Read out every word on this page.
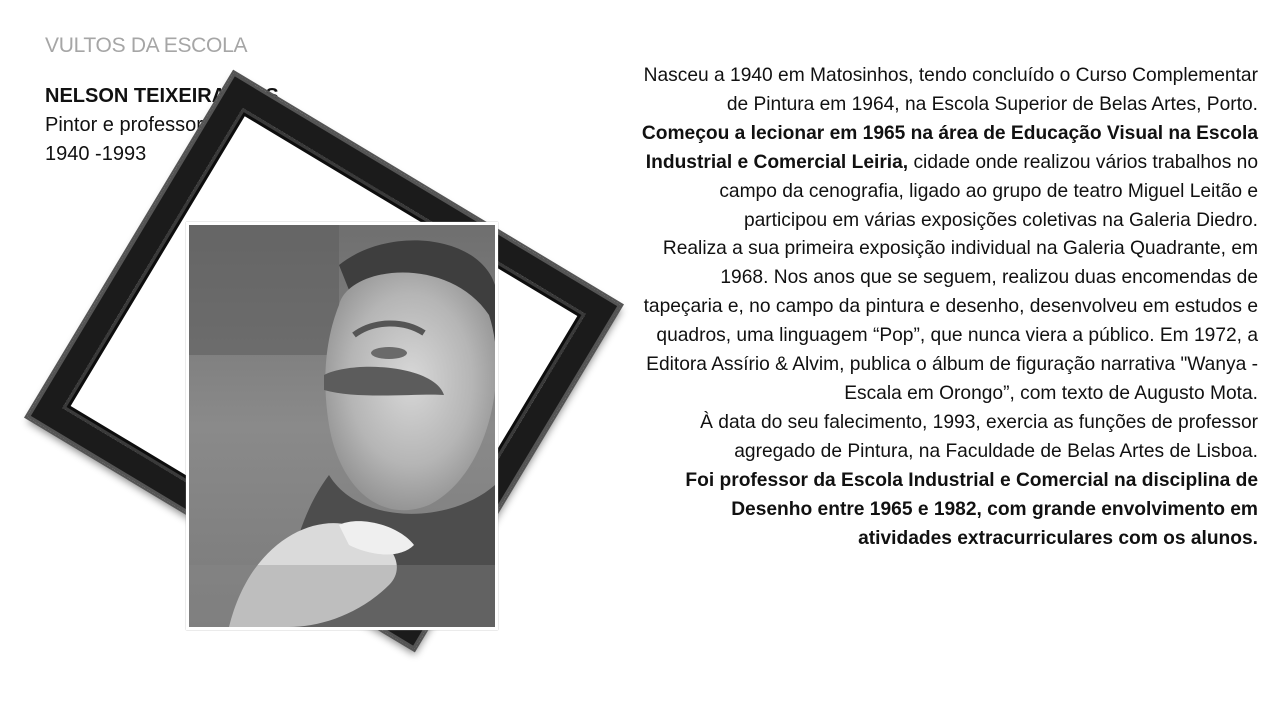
VULTOS DA ESCOLA
NELSON TEIXEIRA DIAS
Pintor e professor
1940 -1993
Nasceu a 1940 em Matosinhos, tendo concluído o Curso Complementar de Pintura em 1964, na Escola Superior de Belas Artes, Porto. Começou a lecionar em 1965 na área de Educação Visual na Escola Industrial e Comercial Leiria, cidade onde realizou vários trabalhos no campo da cenografia, ligado ao grupo de teatro Miguel Leitão e participou em várias exposições coletivas na Galeria Diedro.
Realiza a sua primeira exposição individual na Galeria Quadrante, em 1968. Nos anos que se seguem, realizou duas encomendas de tapeçaria e, no campo da pintura e desenho, desenvolveu em estudos e quadros, uma linguagem “Pop”, que nunca viera a público. Em 1972, a Editora Assírio & Alvim, publica o álbum de figuração narrativa "Wanya - Escala em Orongo”, com texto de Augusto Mota.
À data do seu falecimento, 1993, exercia as funções de professor agregado de Pintura, na Faculdade de Belas Artes de Lisboa.
Foi professor da Escola Industrial e Comercial na disciplina de Desenho entre 1965 e 1982, com grande envolvimento em atividades extracurriculares com os alunos.
